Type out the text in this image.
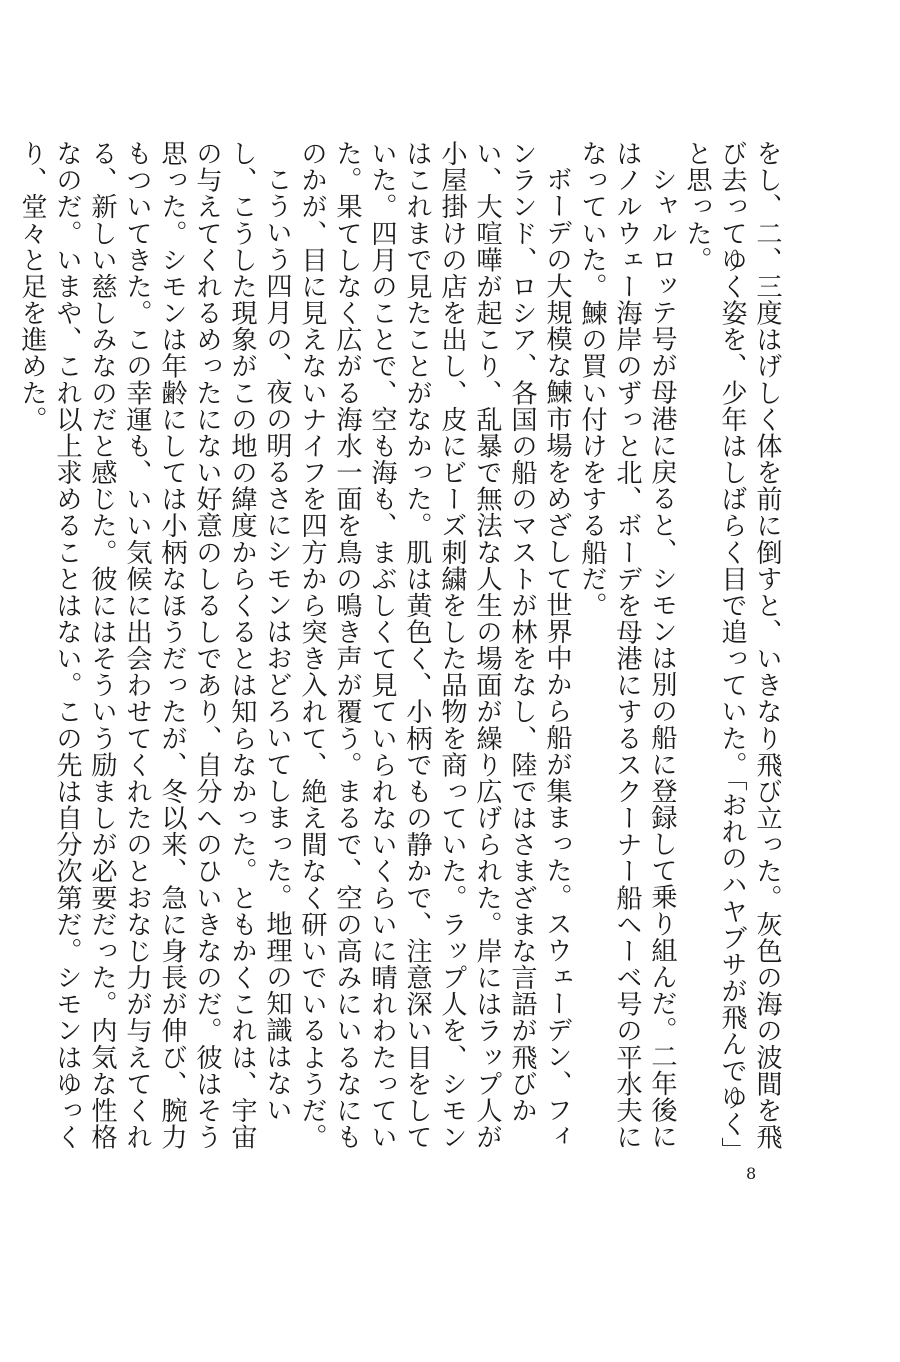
をし、二、三度はげしく体を前に倒すと、いきなり飛び立った。灰色の海の波間を飛び去ってゆく姿を、少年はしばらく目で追っていた。「おれのハヤブサが飛んでゆく」と思った。

シャルロッテ号が母港に戻ると、シモンは別の船に登録して乗り組んだ。二年後にはノルウェー海岸のずっと北、ボーデを母港にするスクーナー船ヘーベ号の平水夫になっていた。鰊の買い付けをする船だ。

ボーデの大規模な鰊市場をめざして世界中から船が集まった。スウェーデン、フィンランド、ロシア、各国の船のマストが林をなし、陸ではさまざまな言語が飛びかい、大喧嘩が起こり、乱暴で無法な人生の場面が繰り広げられた。岸にはラップ人が小屋掛けの店を出し、皮にビーズ刺繍をした品物を商っていた。ラップ人を、シモンはこれまで見たことがなかった。肌は黄色く、小柄でもの静かで、注意深い目をしていた。四月のことで、空も海も、まぶしくて見ていられないくらいに晴れわたっていた。果てしなく広がる海水一面を鳥の鳴き声が覆う。まるで、空の高みにいるなにものかが、目に見えないナイフを四方から突き入れて、絶え間なく研いでいるようだ。

こういう四月の、夜の明るさにシモンはおどろいてしまった。地理の知識はないし、こうした現象がこの地の緯度からくるとは知らなかった。ともかくこれは、宇宙の与えてくれるめったにない好意のしるしであり、自分へのひいきなのだ。彼はそう思った。シモンは年齢にしては小柄なほうだったが、冬以来、急に身長が伸び、腕力もついてきた。この幸運も、いい気候に出会わせてくれたのとおなじ力が与えてくれる、新しい慈しみなのだと感じた。彼にはそういう励ましが必要だった。内気な性格なのだ。いまや、これ以上求めることはない。この先は自分次第だ。シモンはゆっくり、堂々と足を進めた。

8
